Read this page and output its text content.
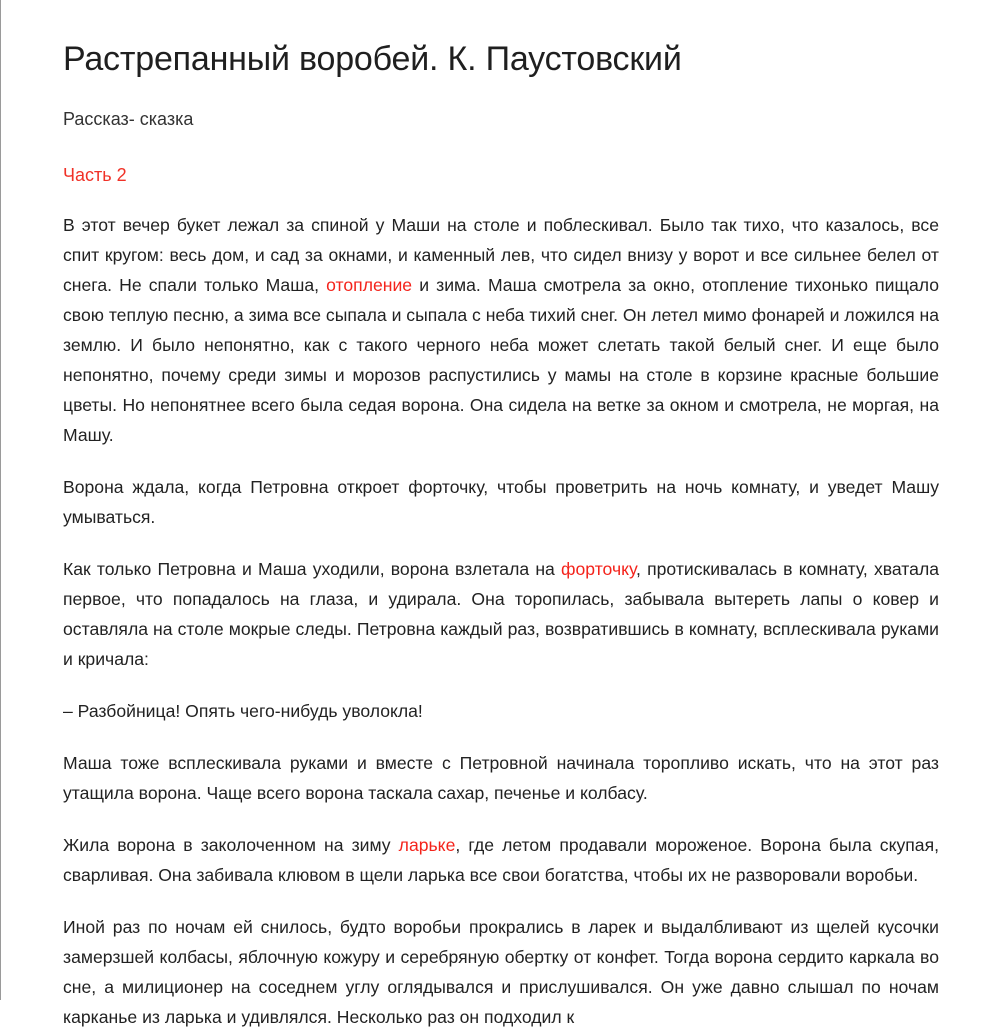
Растрепанный воробей. К. Паустовский

Рассказ- сказка

Часть 2

В этот вечер букет лежал за спиной у Маши на столе и поблескивал. Было так тихо, что казалось, все спит кругом: весь дом, и сад за окнами, и каменный лев, что сидел внизу у ворот и все сильнее белел от снега. Не спали только Маша, отопление и зима. Маша смотрела за окно, отопление тихонько пищало свою теплую песню, а зима все сыпала и сыпала с неба тихий снег. Он летел мимо фонарей и ложился на землю. И было непонятно, как с такого черного неба может слетать такой белый снег. И еще было непонятно, почему среди зимы и морозов распустились у мамы на столе в корзине красные большие цветы. Но непонятнее всего была седая ворона. Она сидела на ветке за окном и смотрела, не моргая, на Машу.

Ворона ждала, когда Петровна откроет форточку, чтобы проветрить на ночь комнату, и уведет Машу умываться.

Как только Петровна и Маша уходили, ворона взлетала на форточку, протискивалась в комнату, хватала первое, что попадалось на глаза, и удирала. Она торопилась, забывала вытереть лапы о ковер и оставляла на столе мокрые следы. Петровна каждый раз, возвратившись в комнату, всплескивала руками и кричала:

– Разбойница! Опять чего-нибудь уволокла!

Маша тоже всплескивала руками и вместе с Петровной начинала торопливо искать, что на этот раз утащила ворона. Чаще всего ворона таскала сахар, печенье и колбасу.

Жила ворона в заколоченном на зиму ларьке, где летом продавали мороженое. Ворона была скупая, сварливая. Она забивала клювом в щели ларька все свои богатства, чтобы их не разворовали воробьи.

Иной раз по ночам ей снилось, будто воробьи прокрались в ларек и выдалбливают из щелей кусочки замерзшей колбасы, яблочную кожуру и серебряную обертку от конфет. Тогда ворона сердито каркала во сне, а милиционер на соседнем углу оглядывался и прислушивался. Он уже давно слышал по ночам карканье из ларька и удивлялся. Несколько раз он подходил к
